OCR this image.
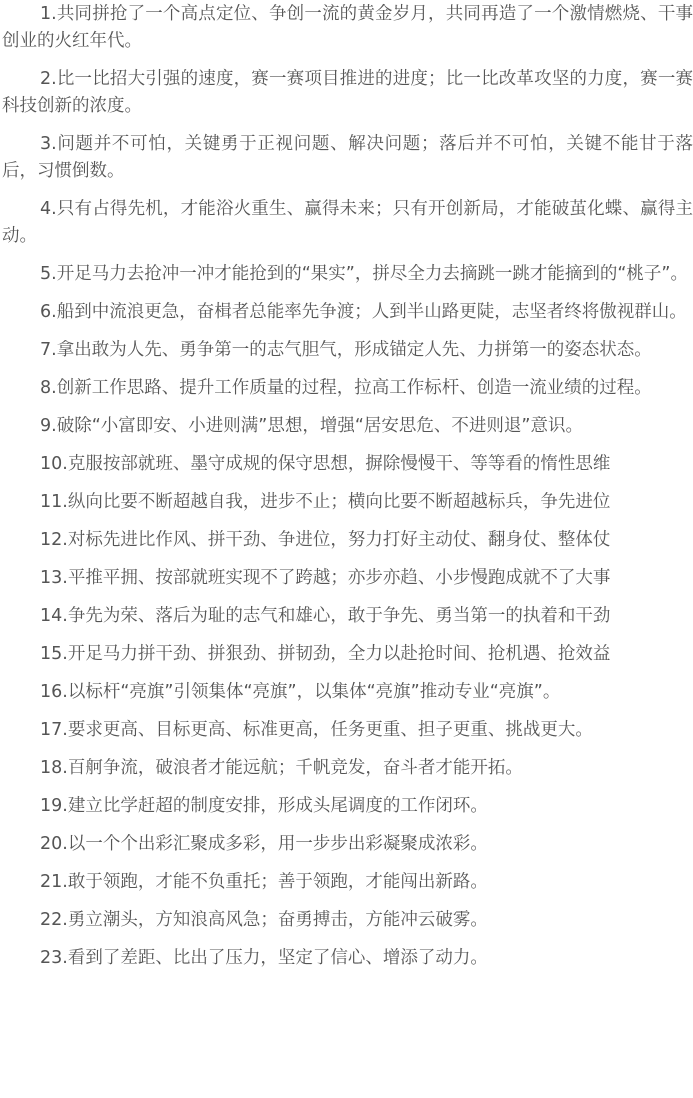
1.共同拼抢了一个高点定位、争创一流的黄金岁月，共同再造了一个激情燃烧、干事创业的火红年代。

2.比一比招大引强的速度，赛一赛项目推进的进度；比一比改革攻坚的力度，赛一赛科技创新的浓度。

3.问题并不可怕，关键勇于正视问题、解决问题；落后并不可怕，关键不能甘于落后，习惯倒数。

4.只有占得先机，才能浴火重生、赢得未来；只有开创新局，才能破茧化蝶、赢得主动。

5.开足马力去抢冲一冲才能抢到的“果实”，拼尽全力去摘跳一跳才能摘到的“桃子”。

6.船到中流浪更急，奋楫者总能率先争渡；人到半山路更陡，志坚者终将傲视群山。

7.拿出敢为人先、勇争第一的志气胆气，形成锚定人先、力拼第一的姿态状态。

8.创新工作思路、提升工作质量的过程，拉高工作标杆、创造一流业绩的过程。

9.破除“小富即安、小进则满”思想，增强“居安思危、不进则退”意识。

10.克服按部就班、墨守成规的保守思想，摒除慢慢干、等等看的惰性思维

11.纵向比要不断超越自我，进步不止；横向比要不断超越标兵，争先进位

12.对标先进比作风、拼干劲、争进位，努力打好主动仗、翻身仗、整体仗

13.平推平拥、按部就班实现不了跨越；亦步亦趋、小步慢跑成就不了大事

14.争先为荣、落后为耻的志气和雄心，敢于争先、勇当第一的执着和干劲

15.开足马力拼干劲、拼狠劲、拼韧劲，全力以赴抢时间、抢机遇、抢效益

16.以标杆“亮旗”引领集体“亮旗”，以集体“亮旗”推动专业“亮旗”。

17.要求更高、目标更高、标准更高，任务更重、担子更重、挑战更大。

18.百舸争流，破浪者才能远航；千帆竞发，奋斗者才能开拓。

19.建立比学赶超的制度安排，形成头尾调度的工作闭环。

20.以一个个出彩汇聚成多彩，用一步步出彩凝聚成浓彩。

21.敢于领跑，才能不负重托；善于领跑，才能闯出新路。

22.勇立潮头，方知浪高风急；奋勇搏击，方能冲云破雾。

23.看到了差距、比出了压力，坚定了信心、增添了动力。
